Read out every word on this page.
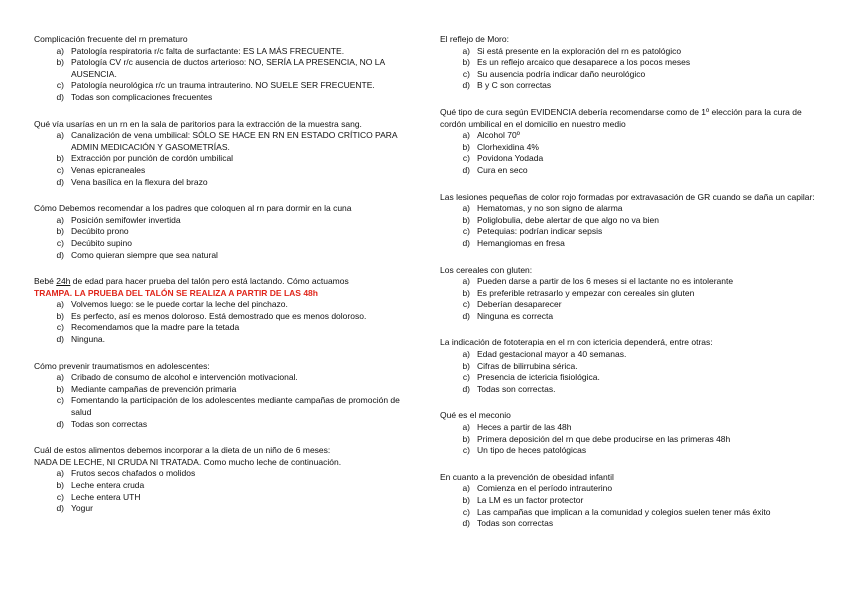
Complicación frecuente del rn prematuro

a) Patología respiratoria r/c falta de surfactante: ES LA MÁS FRECUENTE.
b) Patología CV r/c ausencia de ductos arterioso: NO, SERÍA LA PRESENCIA, NO LA AUSENCIA.
c) Patología neurológica r/c un trauma intrauterino. NO SUELE SER FRECUENTE.
d) Todas son complicaciones frecuentes

Qué vía usarías en un rn en la sala de paritorios para la extracción de la muestra sang.

a) Canalización de vena umbilical: SÓLO SE HACE EN RN EN ESTADO CRÍTICO PARA ADMIN MEDICACIÓN Y GASOMETRÍAS.
b) Extracción por punción de cordón umbilical
c) Venas epicraneales
d) Vena basílica en la flexura del brazo

Cómo Debemos recomendar a los padres que coloquen al rn para dormir en la cuna

a) Posición semifowler invertida
b) Decúbito prono
c) Decúbito supino
d) Como quieran siempre que sea natural

Bebé 24h de edad para hacer prueba del talón pero está lactando. Cómo actuamos

TRAMPA. LA PRUEBA DEL TALÓN SE REALIZA A PARTIR DE LAS 48h

a) Volvemos luego: se le puede cortar la leche del pinchazo.
b) Es perfecto, así es menos doloroso. Está demostrado que es menos doloroso.
c) Recomendamos que la madre pare la tetada
d) Ninguna.

Cómo prevenir traumatismos en adolescentes:

a) Cribado de consumo de alcohol e intervención motivacional.
b) Mediante campañas de prevención primaria
c) Fomentando la participación de los adolescentes mediante campañas de promoción de salud
d) Todas son correctas

Cuál de estos alimentos debemos incorporar a la dieta de un niño de 6 meses:

NADA DE LECHE, NI CRUDA NI TRATADA. Como mucho leche de continuación.

a) Frutos secos chafados o molidos
b) Leche entera cruda
c) Leche entera UTH
d) Yogur

El reflejo de Moro:

a) Si está presente en la exploración del rn es patológico
b) Es un reflejo arcaico que desaparece a los pocos meses
c) Su ausencia podría indicar daño neurológico
d) B y C son correctas

Qué tipo de cura según EVIDENCIA debería recomendarse como de 1º elección para la cura de cordón umbilical en el domicilio en nuestro medio

a) Alcohol 70º
b) Clorhexidina 4%
c) Povidona Yodada
d) Cura en seco

Las lesiones pequeñas de color rojo formadas por extravasación de GR cuando se daña un capilar:

a) Hematomas, y no son signo de alarma
b) Poliglobulia, debe alertar de que algo no va bien
c) Petequias: podrían indicar sepsis
d) Hemangiomas en fresa

Los cereales con gluten:

a) Pueden darse a partir de los 6 meses si el lactante no es intolerante
b) Es preferible retrasarlo y empezar con cereales sin gluten
c) Deberían desaparecer
d) Ninguna es correcta

La indicación de fototerapia en el rn con ictericia dependerá, entre otras:

a) Edad gestacional mayor a 40 semanas.
b) Cifras de bilirrubina sérica.
c) Presencia de ictericia fisiológica.
d) Todas son correctas.

Qué es el meconio

a) Heces a partir de las 48h
b) Primera deposición del rn que debe producirse en las primeras 48h
c) Un tipo de heces patológicas

En cuanto a la prevención de obesidad infantil

a) Comienza en el período intrauterino
b) La LM es un factor protector
c) Las campañas que implican a la comunidad y colegios suelen tener más éxito
d) Todas son correctas
